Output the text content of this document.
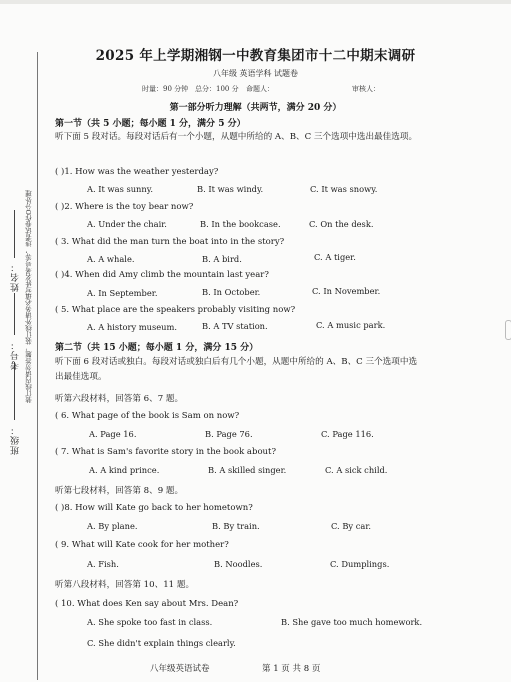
班级：
考号：
姓名： 装订线内请勿答题，装订线外请务必填写姓名考号等，违者试卷作O分处理
2025 年上学期湘钢一中教育集团市十二中期末调研
八年级 英语学科 试题卷
时量：90 分钟 总分：100 分 命题人：	审核人：
第一部分听力理解（共两节，满分 20 分）
第一节（共 5 小题；每小题 1 分，满分 5 分）
听下面 5 段对话。每段对话后有一个小题，从题中所给的 A、B、C 三个选项中选出最佳选项。
( )1. How was the weather yesterday?
A. It was sunny.	B. It was windy.	C. It was snowy.
( )2. Where is the toy bear now?
A. Under the chair.	B. In the bookcase.	C. On the desk.
( 3. What did the man turn the boat into in the story?
A. A whale.	B. A bird.	C. A tiger.
( )4. When did Amy climb the mountain last year?
A. In September.	B. In October.	C. In November.
( 5. What place are the speakers probably visiting now?
A. A history museum.	B. A TV station.	C. A music park.
第二节（共 15 小题；每小题 1 分，满分 15 分）
听下面 6 段对话或独白。每段对话或独白后有几个小题，从题中所给的 A、B、C 三个选项中选出最佳选项。
听第六段材料，回答第 6、7 题。
( 6. What page of the book is Sam on now?
A. Page 16.	B. Page 76.	C. Page 116.
( 7. What is Sam's favorite story in the book about?
A. A kind prince.	B. A skilled singer.	C. A sick child.
听第七段材料，回答第 8、9 题。
( )8. How will Kate go back to her hometown?
A. By plane.	B. By train.	C. By car.
( 9. What will Kate cook for her mother?
A. Fish.	B. Noodles.	C. Dumplings.
听第八段材料，回答第 10、11 题。
( 10. What does Ken say about Mrs. Dean?
A. She spoke too fast in class.	B. She gave too much homework.
C. She didn't explain things clearly.
八年级英语试卷	第 1 页 共 8 页
